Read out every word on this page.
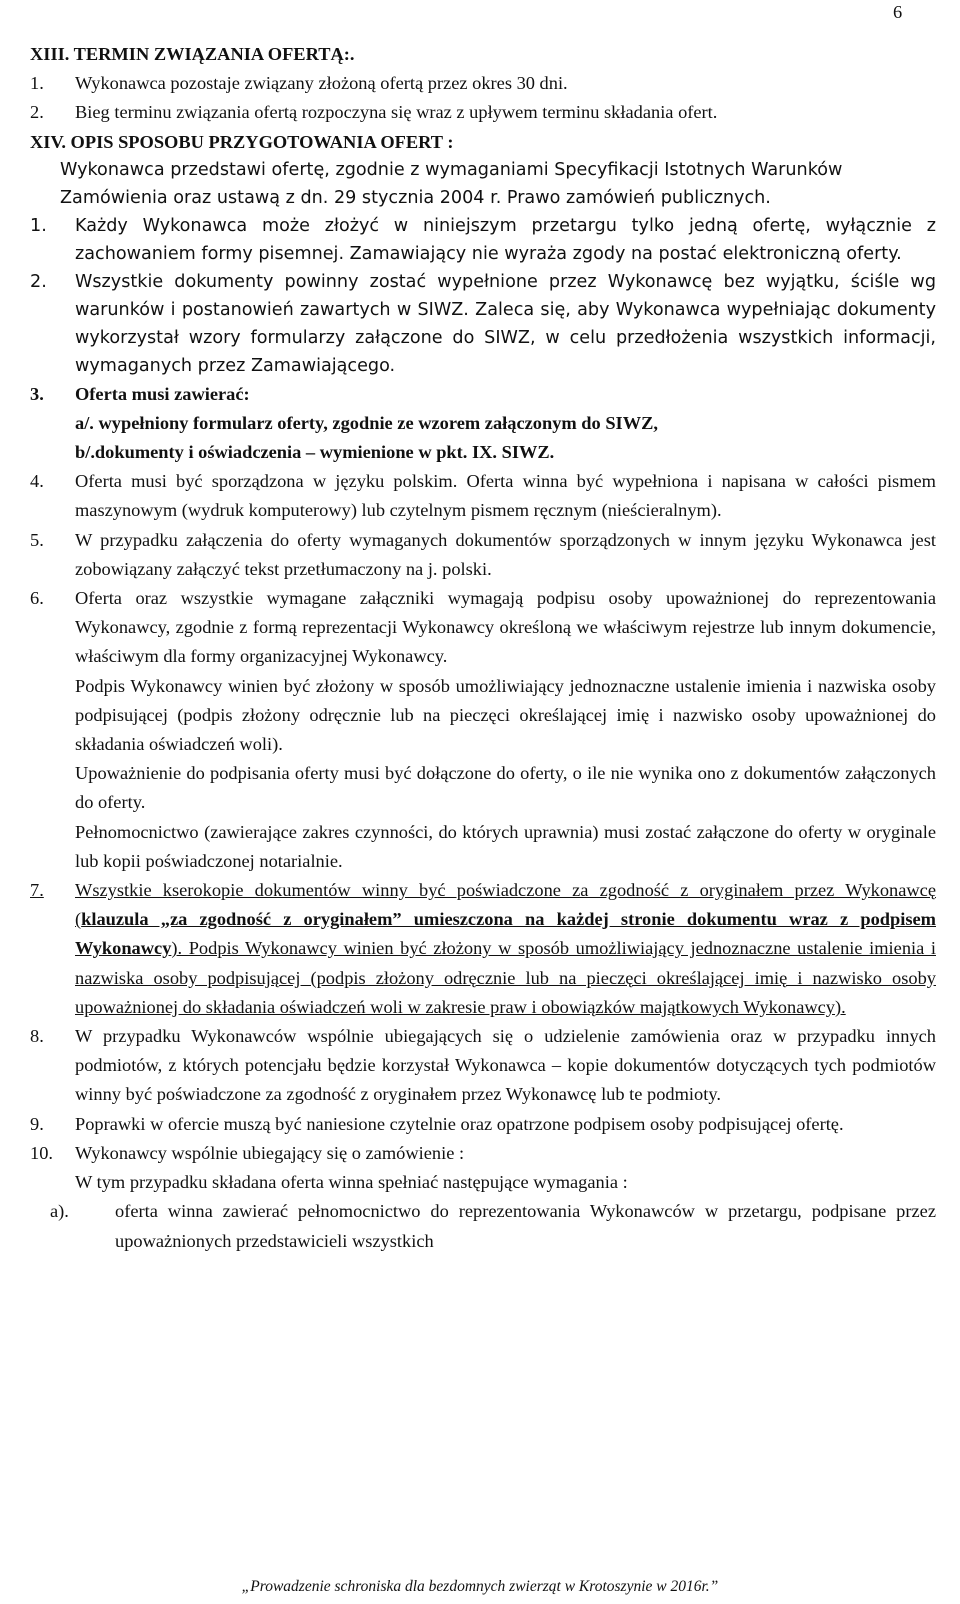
6

XIII. TERMIN ZWIĄZANIA OFERTĄ:.

1.	Wykonawca pozostaje związany złożoną ofertą przez okres 30 dni.
2.	Bieg terminu związania ofertą rozpoczyna się wraz z upływem terminu składania ofert.

XIV. OPIS SPOSOBU PRZYGOTOWANIA OFERT :

Wykonawca przedstawi ofertę, zgodnie z wymaganiami Specyfikacji Istotnych Warunków Zamówienia oraz ustawą z dn. 29 stycznia 2004 r. Prawo zamówień publicznych.

1.	Każdy Wykonawca może złożyć w niniejszym przetargu tylko jedną ofertę, wyłącznie z zachowaniem formy pisemnej. Zamawiający nie wyraża zgody na postać elektroniczną oferty.
2.	Wszystkie dokumenty powinny zostać wypełnione przez Wykonawcę bez wyjątku, ściśle wg warunków i postanowień zawartych w SIWZ. Zaleca się, aby Wykonawca wypełniając dokumenty wykorzystał wzory formularzy załączone do SIWZ, w celu przedłożenia wszystkich informacji, wymaganych przez Zamawiającego.
3.	Oferta musi zawierać:

a/. wypełniony formularz oferty, zgodnie ze wzorem załączonym do SIWZ,

b/.dokumenty i oświadczenia – wymienione w pkt. IX. SIWZ.

4.	Oferta musi być sporządzona w języku polskim. Oferta winna być wypełniona i napisana w całości pismem maszynowym (wydruk komputerowy) lub czytelnym pismem ręcznym (nieścieralnym).
5.	W przypadku załączenia do oferty wymaganych dokumentów sporządzonych w innym języku Wykonawca jest zobowiązany załączyć tekst przetłumaczony na j. polski.
6.	Oferta oraz wszystkie wymagane załączniki wymagają podpisu osoby upoważnionej do reprezentowania Wykonawcy, zgodnie z formą reprezentacji Wykonawcy określoną we właściwym rejestrze lub innym dokumencie, właściwym dla formy organizacyjnej Wykonawcy.
Podpis Wykonawcy winien być złożony w sposób umożliwiający jednoznaczne ustalenie imienia i nazwiska osoby podpisującej (podpis złożony odręcznie lub na pieczęci określającej imię i nazwisko osoby upoważnionej do składania oświadczeń woli).
Upoważnienie do podpisania oferty musi być dołączone do oferty, o ile nie wynika ono z dokumentów załączonych do oferty.
Pełnomocnictwo (zawierające zakres czynności, do których uprawnia) musi zostać załączone do oferty w oryginale lub kopii poświadczonej notarialnie.
7.	Wszystkie kserokopie dokumentów winny być poświadczone za zgodność z oryginałem przez Wykonawcę (klauzula „za zgodność z oryginałem” umieszczona na każdej stronie dokumentu wraz z podpisem Wykonawcy). Podpis Wykonawcy winien być złożony w sposób umożliwiający jednoznaczne ustalenie imienia i nazwiska osoby podpisującej (podpis złożony odręcznie lub na pieczęci określającej imię i nazwisko osoby upoważnionej do składania oświadczeń woli w zakresie praw i obowiązków majątkowych Wykonawcy).
8.	W przypadku Wykonawców wspólnie ubiegających się o udzielenie zamówienia oraz w przypadku innych podmiotów, z których potencjału będzie korzystał Wykonawca – kopie dokumentów dotyczących tych podmiotów winny być poświadczone za zgodność z oryginałem przez Wykonawcę lub te podmioty.
9.	Poprawki w ofercie muszą być naniesione czytelnie oraz opatrzone podpisem osoby podpisującej ofertę.
10.	Wykonawcy wspólnie ubiegający się o zamówienie :
W tym przypadku składana oferta winna spełniać następujące wymagania :
a).	oferta winna zawierać pełnomocnictwo do reprezentowania Wykonawców w przetargu, podpisane przez upoważnionych przedstawicieli wszystkich
„Prowadzenie schroniska dla bezdomnych zwierząt w Krotoszynie w 2016r.”
